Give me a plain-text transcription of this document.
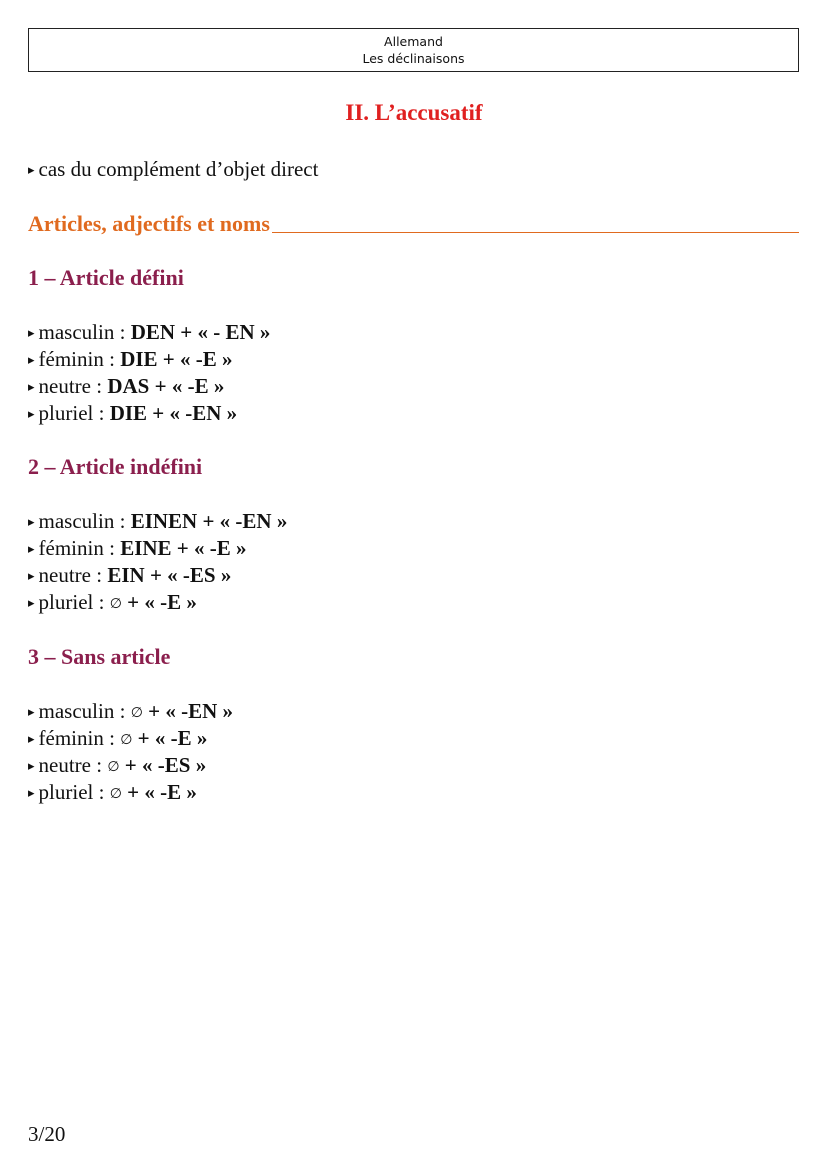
Allemand
Les déclinaisons
II. L’accusatif
▸ cas du complément d’objet direct
Articles, adjectifs et noms
1 – Article défini
▸ masculin : DEN + « - EN »
▸ féminin : DIE + « -E »
▸ neutre : DAS + « -E »
▸ pluriel : DIE + « -EN »
2 – Article indéfini
▸ masculin : EINEN + « -EN »
▸ féminin : EINE + « -E »
▸ neutre : EIN + « -ES »
▸ pluriel : ∅ + « -E »
3 – Sans article
▸ masculin : ∅ + « -EN »
▸ féminin : ∅ + « -E »
▸ neutre : ∅ + « -ES »
▸ pluriel : ∅ + « -E »
3/20
